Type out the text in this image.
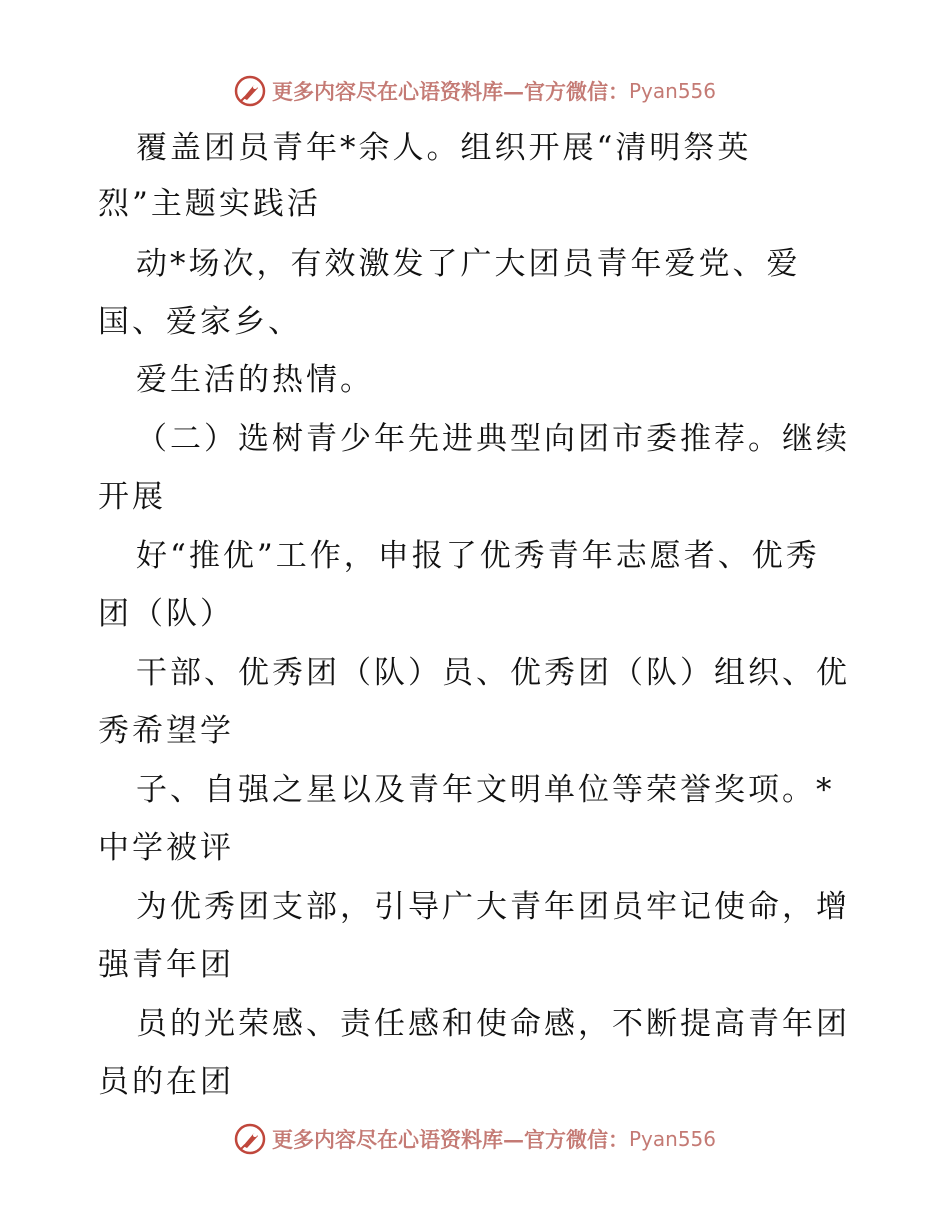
更多内容尽在心语资料库 — 官方微信： Pyan556
覆盖团员青年*余人。组织开展“清明祭英
烈”主题实践活
动*场次，有效激发了广大团员青年爱党、爱
国、爱家乡、
爱生活的热情。
（二）选树青少年先进典型向团市委推荐。继续
开展
好“推优”工作，申报了优秀青年志愿者、优秀
团（队）
干部、优秀团（队）员、优秀团（队）组织、优
秀希望学
子、自强之星以及青年文明单位等荣誉奖项。*
中学被评
为优秀团支部，引导广大青年团员牢记使命，增
强青年团
员的光荣感、责任感和使命感，不断提高青年团
员的在团
更多内容尽在心语资料库 — 官方微信： Pyan556
